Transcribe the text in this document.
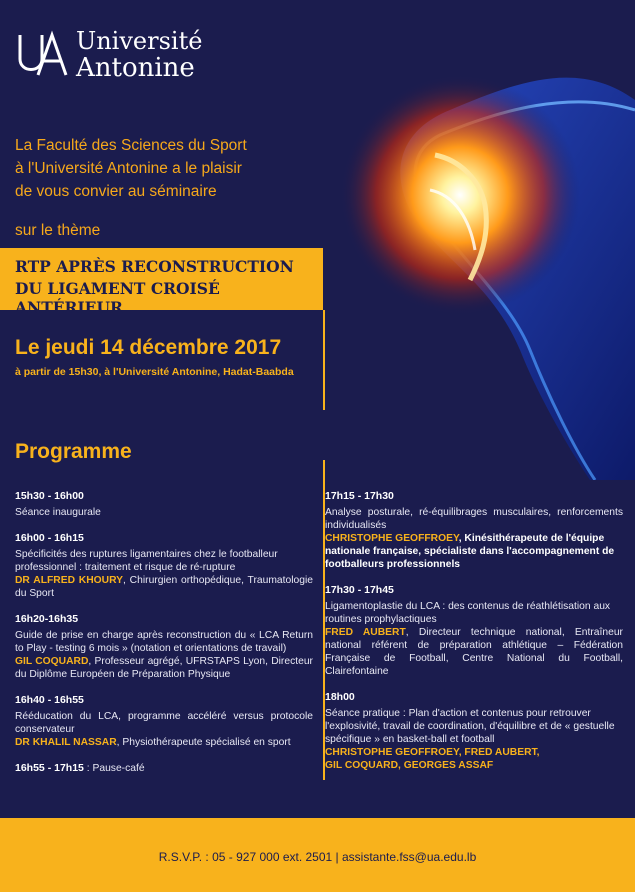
Université
Antonine
La Faculté des Sciences du Sport
à l'Université Antonine a le plaisir
de vous convier au séminaire
sur le thème
RTP APRÈS RECONSTRUCTION
DU LIGAMENT CROISÉ ANTÉRIEUR
Le jeudi 14 décembre 2017
à partir de 15h30, à l'Université Antonine, Hadat-Baabda
Programme
15h30 - 16h00
Séance inaugurale
16h00 - 16h15
Spécificités des ruptures ligamentaires chez le footballeur professionnel : traitement et risque de ré-rupture
DR ALFRED KHOURY, Chirurgien orthopédique, Traumatologie du Sport
16h20-16h35
Guide de prise en charge après reconstruction du « LCA Return to Play - testing 6 mois » (notation et orientations de travail)
GIL COQUARD, Professeur agrégé, UFRSTAPS Lyon, Directeur du Diplôme Européen de Préparation Physique
16h40 - 16h55
Rééducation du LCA, programme accéléré versus protocole conservateur
DR KHALIL NASSAR, Physiothérapeute spécialisé en sport
16h55 - 17h15 : Pause-café
17h15 - 17h30
Analyse posturale, ré-équilibrages musculaires, renforcements individualisés
CHRISTOPHE GEOFFROEY, Kinésithérapeute de l'équipe nationale française, spécialiste dans l'accompagnement de footballeurs professionnels
17h30 - 17h45
Ligamentoplastie du LCA : des contenus de réathlétisation aux routines prophylactiques
FRED AUBERT, Directeur technique national, Entraîneur national référent de préparation athlétique – Fédération Française de Football, Centre National du Football, Clairefontaine
18h00
Séance pratique : Plan d'action et contenus pour retrouver l'explosivité, travail de coordination, d'équilibre et de « gestuelle spécifique » en basket-ball et football
CHRISTOPHE GEOFFROEY, FRED AUBERT,
GIL COQUARD, GEORGES ASSAF
R.S.V.P. : 05 - 927 000 ext. 2501 | assistante.fss@ua.edu.lb
